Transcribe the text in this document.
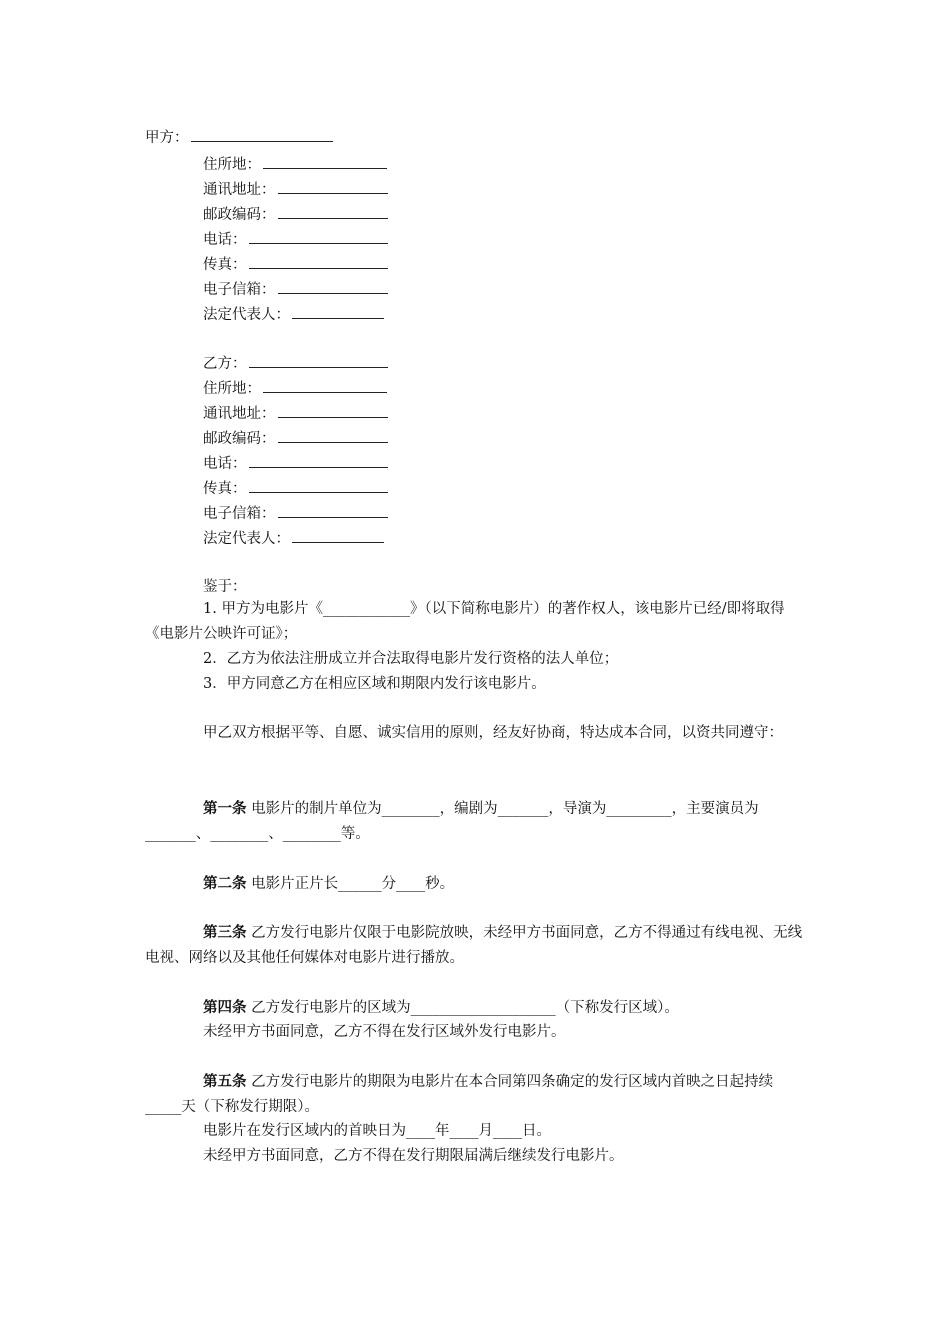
甲方：
住所地：
通讯地址：
邮政编码：
电话：
传真：
电子信箱：
法定代表人：
乙方：
住所地：
通讯地址：
邮政编码：
电话：
传真：
电子信箱：
法定代表人：
鉴于：
1. 甲方为电影片《____________》（以下简称电影片）的著作权人，该电影片已经/即将取得《电影片公映许可证》；
2．乙方为依法注册成立并合法取得电影片发行资格的法人单位；
3．甲方同意乙方在相应区域和期限内发行该电影片。
甲乙双方根据平等、自愿、诚实信用的原则，经友好协商，特达成本合同，以资共同遵守：
第一条 电影片的制片单位为________，编剧为_______，导演为_________，主要演员为_______、________、________等。
第二条 电影片正片长______分____秒。
第三条 乙方发行电影片仅限于电影院放映，未经甲方书面同意，乙方不得通过有线电视、无线电视、网络以及其他任何媒体对电影片进行播放。
第四条 乙方发行电影片的区域为____________________（下称发行区域）。
未经甲方书面同意，乙方不得在发行区域外发行电影片。
第五条 乙方发行电影片的期限为电影片在本合同第四条确定的发行区域内首映之日起持续_____天（下称发行期限）。
电影片在发行区域内的首映日为____年____月____日。
未经甲方书面同意，乙方不得在发行期限届满后继续发行电影片。
